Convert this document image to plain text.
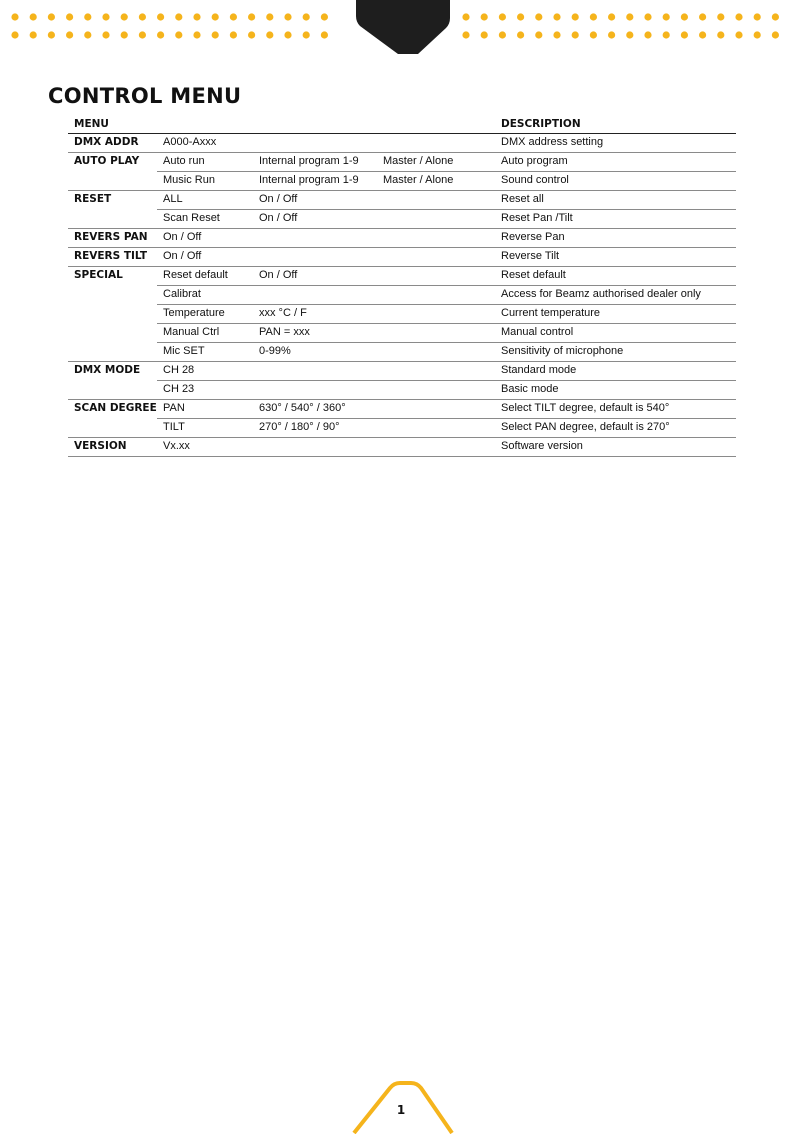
CONTROL MENU
MENU				DESCRIPTION
DMX ADDR	A000-Axxx			DMX address setting
AUTO PLAY	Auto run	Internal program 1-9	Master / Alone	Auto program
	Music Run	Internal program 1-9	Master / Alone	Sound control
RESET	ALL	On / Off		Reset all
	Scan Reset	On / Off		Reset Pan /Tilt
REVERS PAN	On / Off			Reverse Pan
REVERS TILT	On / Off			Reverse Tilt
SPECIAL	Reset default	On / Off		Reset default
	Calibrat			Access for Beamz authorised dealer only
	Temperature	xxx °C / F		Current temperature
	Manual Ctrl	PAN = xxx		Manual control
	Mic SET	0-99%		Sensitivity of microphone
DMX MODE	CH 28			Standard mode
	CH 23			Basic mode
SCAN DEGREE	PAN	630° / 540° / 360°		Select TILT degree, default is 540°
	TILT	270° / 180° / 90°		Select PAN degree, default is 270°
VERSION	Vx.xx			Software version
1
